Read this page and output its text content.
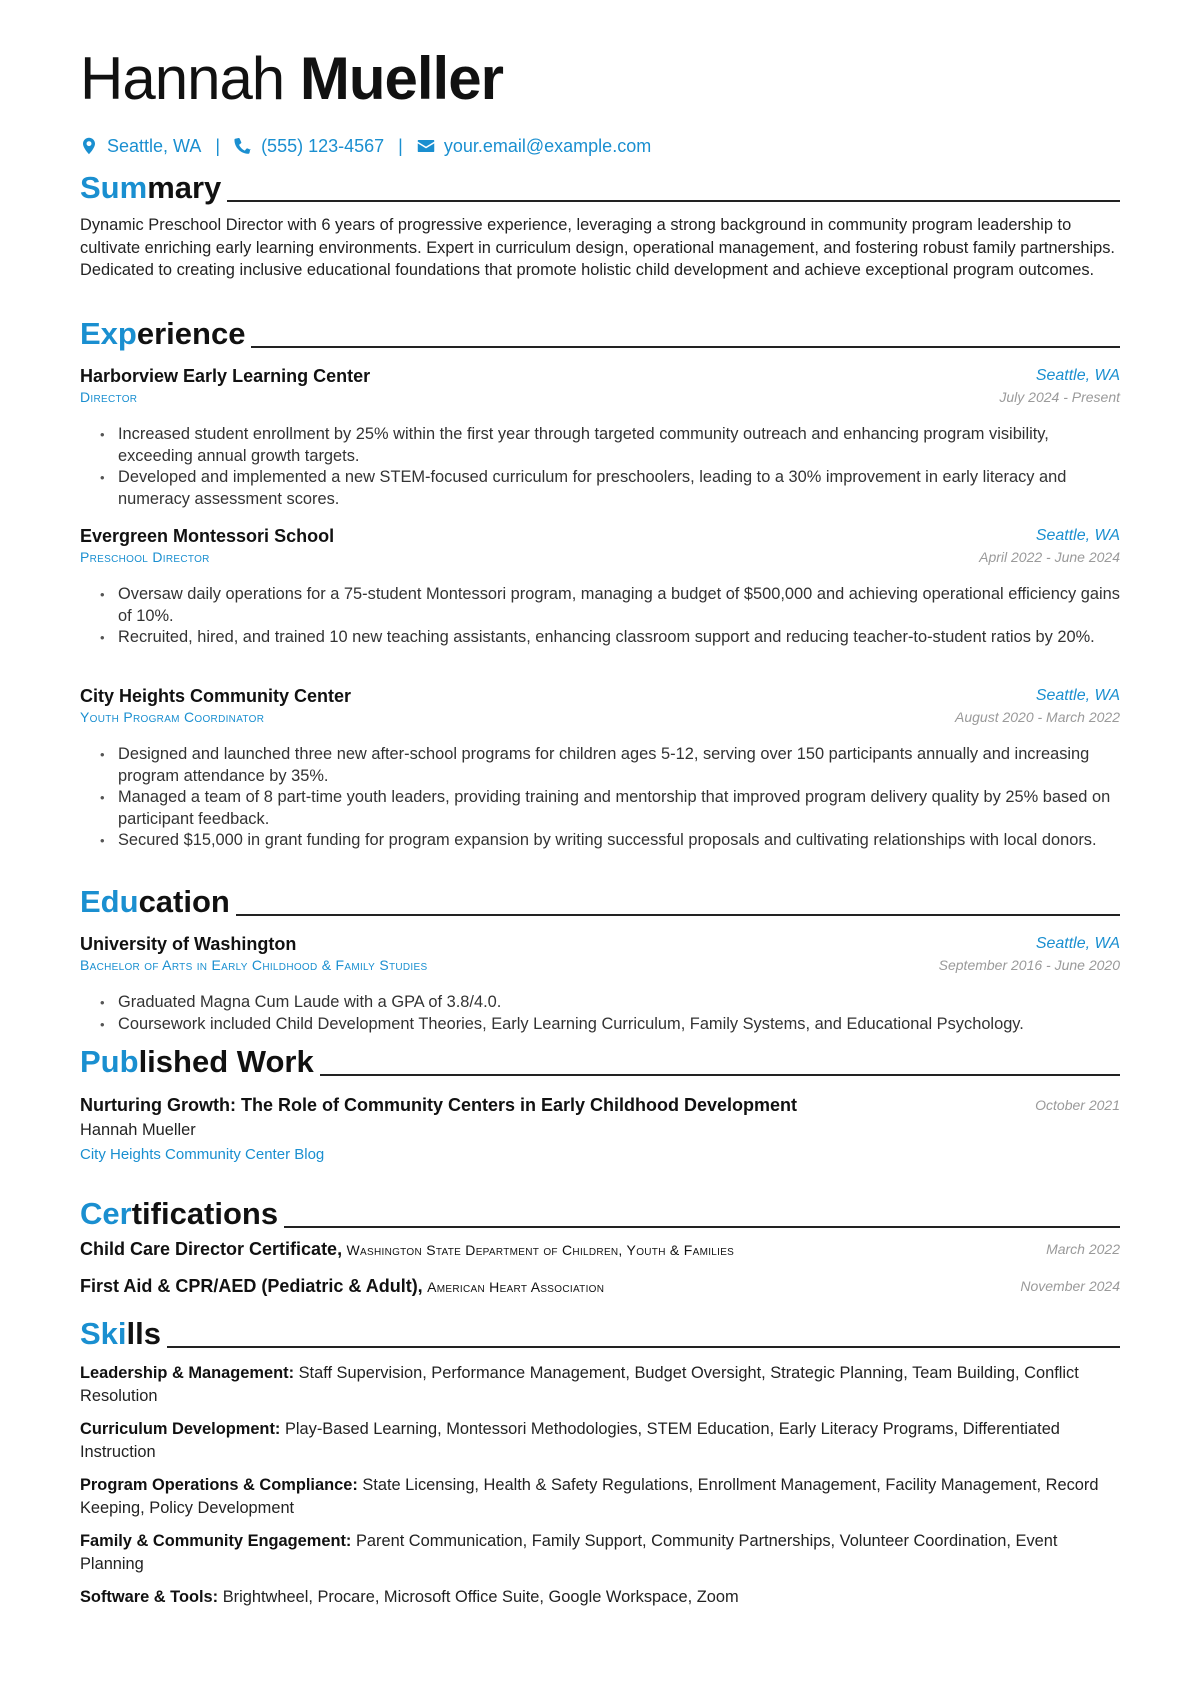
Hannah Mueller
Seattle, WA | (555) 123-4567 | your.email@example.com
Summary
Dynamic Preschool Director with 6 years of progressive experience, leveraging a strong background in community program leadership to cultivate enriching early learning environments. Expert in curriculum design, operational management, and fostering robust family partnerships. Dedicated to creating inclusive educational foundations that promote holistic child development and achieve exceptional program outcomes.
Experience
Harborview Early Learning Center	Seattle, WA
Director	July 2024 - Present
• Increased student enrollment by 25% within the first year through targeted community outreach and enhancing program visibility, exceeding annual growth targets.
• Developed and implemented a new STEM-focused curriculum for preschoolers, leading to a 30% improvement in early literacy and numeracy assessment scores.
Evergreen Montessori School	Seattle, WA
Preschool Director	April 2022 - June 2024
• Oversaw daily operations for a 75-student Montessori program, managing a budget of $500,000 and achieving operational efficiency gains of 10%.
• Recruited, hired, and trained 10 new teaching assistants, enhancing classroom support and reducing teacher-to-student ratios by 20%.
City Heights Community Center	Seattle, WA
Youth Program Coordinator	August 2020 - March 2022
• Designed and launched three new after-school programs for children ages 5-12, serving over 150 participants annually and increasing program attendance by 35%.
• Managed a team of 8 part-time youth leaders, providing training and mentorship that improved program delivery quality by 25% based on participant feedback.
• Secured $15,000 in grant funding for program expansion by writing successful proposals and cultivating relationships with local donors.
Education
University of Washington	Seattle, WA
Bachelor of Arts in Early Childhood & Family Studies	September 2016 - June 2020
• Graduated Magna Cum Laude with a GPA of 3.8/4.0.
• Coursework included Child Development Theories, Early Learning Curriculum, Family Systems, and Educational Psychology.
Published Work
Nurturing Growth: The Role of Community Centers in Early Childhood Development	October 2021
Hannah Mueller
City Heights Community Center Blog
Certifications
Child Care Director Certificate, Washington State Department of Children, Youth & Families	March 2022
First Aid & CPR/AED (Pediatric & Adult), American Heart Association	November 2024
Skills
Leadership & Management: Staff Supervision, Performance Management, Budget Oversight, Strategic Planning, Team Building, Conflict Resolution
Curriculum Development: Play-Based Learning, Montessori Methodologies, STEM Education, Early Literacy Programs, Differentiated Instruction
Program Operations & Compliance: State Licensing, Health & Safety Regulations, Enrollment Management, Facility Management, Record Keeping, Policy Development
Family & Community Engagement: Parent Communication, Family Support, Community Partnerships, Volunteer Coordination, Event Planning
Software & Tools: Brightwheel, Procare, Microsoft Office Suite, Google Workspace, Zoom
